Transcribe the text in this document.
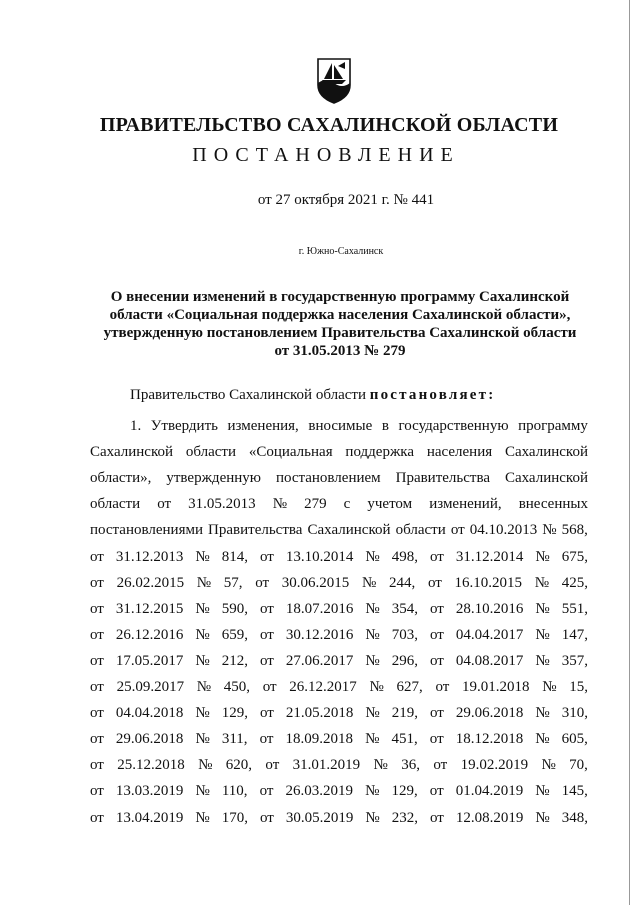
ПРАВИТЕЛЬСТВО САХАЛИНСКОЙ ОБЛАСТИ
ПОСТАНОВЛЕНИЕ
от 27 октября 2021 г. № 441
г. Южно-Сахалинск
О внесении изменений в государственную программу Сахалинской
области «Социальная поддержка населения Сахалинской области»,
утвержденную постановлением Правительства Сахалинской области
от 31.05.2013 № 279
Правительство Сахалинской области постановляет:
1. Утвердить изменения, вносимые в государственную программу
Сахалинской области «Социальная поддержка населения Сахалинской
области», утвержденную постановлением Правительства Сахалинской
области от 31.05.2013 № 279 с учетом изменений, внесенных
постановлениями Правительства Сахалинской области от 04.10.2013 № 568,
от 31.12.2013 № 814, от 13.10.2014 № 498, от 31.12.2014 № 675,
от 26.02.2015 № 57, от 30.06.2015 № 244, от 16.10.2015 № 425,
от 31.12.2015 № 590, от 18.07.2016 № 354, от 28.10.2016 № 551,
от 26.12.2016 № 659, от 30.12.2016 № 703, от 04.04.2017 № 147,
от 17.05.2017 № 212, от 27.06.2017 № 296, от 04.08.2017 № 357,
от 25.09.2017 № 450, от 26.12.2017 № 627, от 19.01.2018 № 15,
от 04.04.2018 № 129, от 21.05.2018 № 219, от 29.06.2018 № 310,
от 29.06.2018 № 311, от 18.09.2018 № 451, от 18.12.2018 № 605,
от 25.12.2018 № 620, от 31.01.2019 № 36, от 19.02.2019 № 70,
от 13.03.2019 № 110, от 26.03.2019 № 129, от 01.04.2019 № 145,
от 13.04.2019 № 170, от 30.05.2019 № 232, от 12.08.2019 № 348,
